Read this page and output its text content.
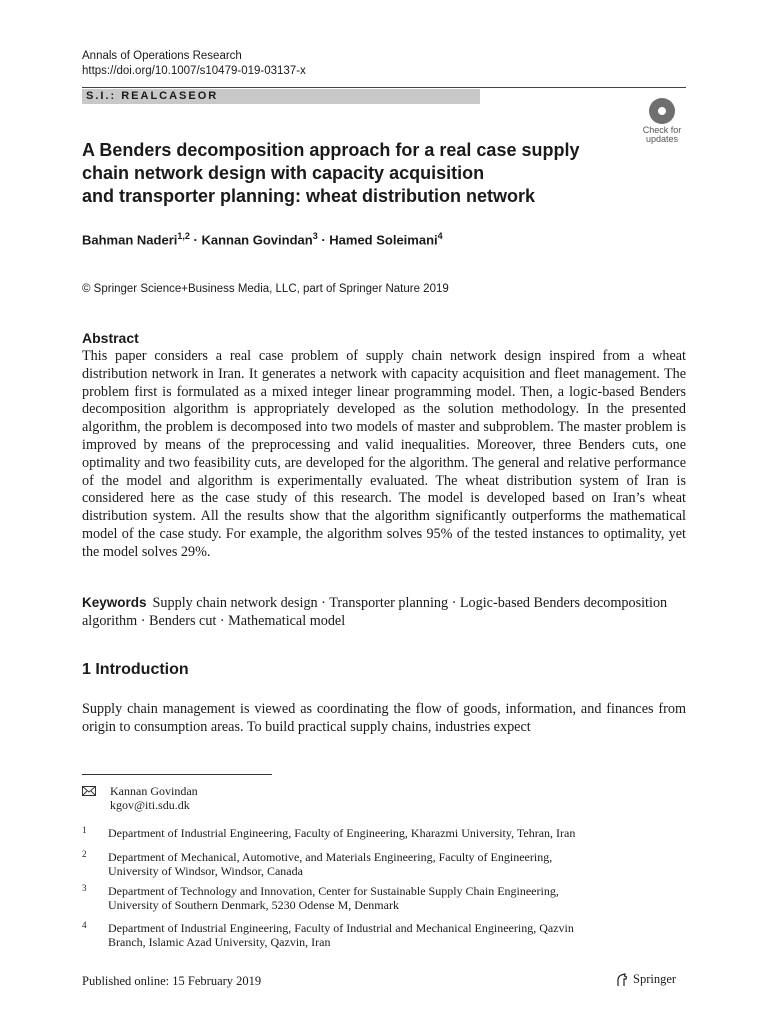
Annals of Operations Research
https://doi.org/10.1007/s10479-019-03137-x
S.I.: REALCASEOR
Check for
updates
A Benders decomposition approach for a real case supply
chain network design with capacity acquisition
and transporter planning: wheat distribution network
Bahman Naderi$^{1,2}$ · Kannan Govindan$^3$ · Hamed Soleimani$^4$
© Springer Science+Business Media, LLC, part of Springer Nature 2019
Abstract
This paper considers a real case problem of supply chain network design inspired from a wheat distribution network in Iran. It generates a network with capacity acquisition and fleet management. The problem first is formulated as a mixed integer linear programming model. Then, a logic-based Benders decomposition algorithm is appropriately developed as the solution methodology. In the presented algorithm, the problem is decomposed into two models of master and subproblem. The master problem is improved by means of the preprocessing and valid inequalities. Moreover, three Benders cuts, one optimality and two feasibility cuts, are developed for the algorithm. The general and relative performance of the model and algorithm is experimentally evaluated. The wheat distribution system of Iran is considered here as the case study of this research. The model is developed based on Iran’s wheat distribution system. All the results show that the algorithm significantly outperforms the mathematical model of the case study. For example, the algorithm solves 95% of the tested instances to optimality, yet the model solves 29%.
Keywords Supply chain network design · Transporter planning · Logic-based Benders decomposition algorithm · Benders cut · Mathematical model
1 Introduction
Supply chain management is viewed as coordinating the flow of goods, information, and finances from origin to consumption areas. To build practical supply chains, industries expect
Kannan Govindan
kgov@iti.sdu.dk
1 Department of Industrial Engineering, Faculty of Engineering, Kharazmi University, Tehran, Iran
2 Department of Mechanical, Automotive, and Materials Engineering, Faculty of Engineering,
University of Windsor, Windsor, Canada
3 Department of Technology and Innovation, Center for Sustainable Supply Chain Engineering,
University of Southern Denmark, 5230 Odense M, Denmark
4 Department of Industrial Engineering, Faculty of Industrial and Mechanical Engineering, Qazvin
Branch, Islamic Azad University, Qazvin, Iran
Published online: 15 February 2019	Springer
